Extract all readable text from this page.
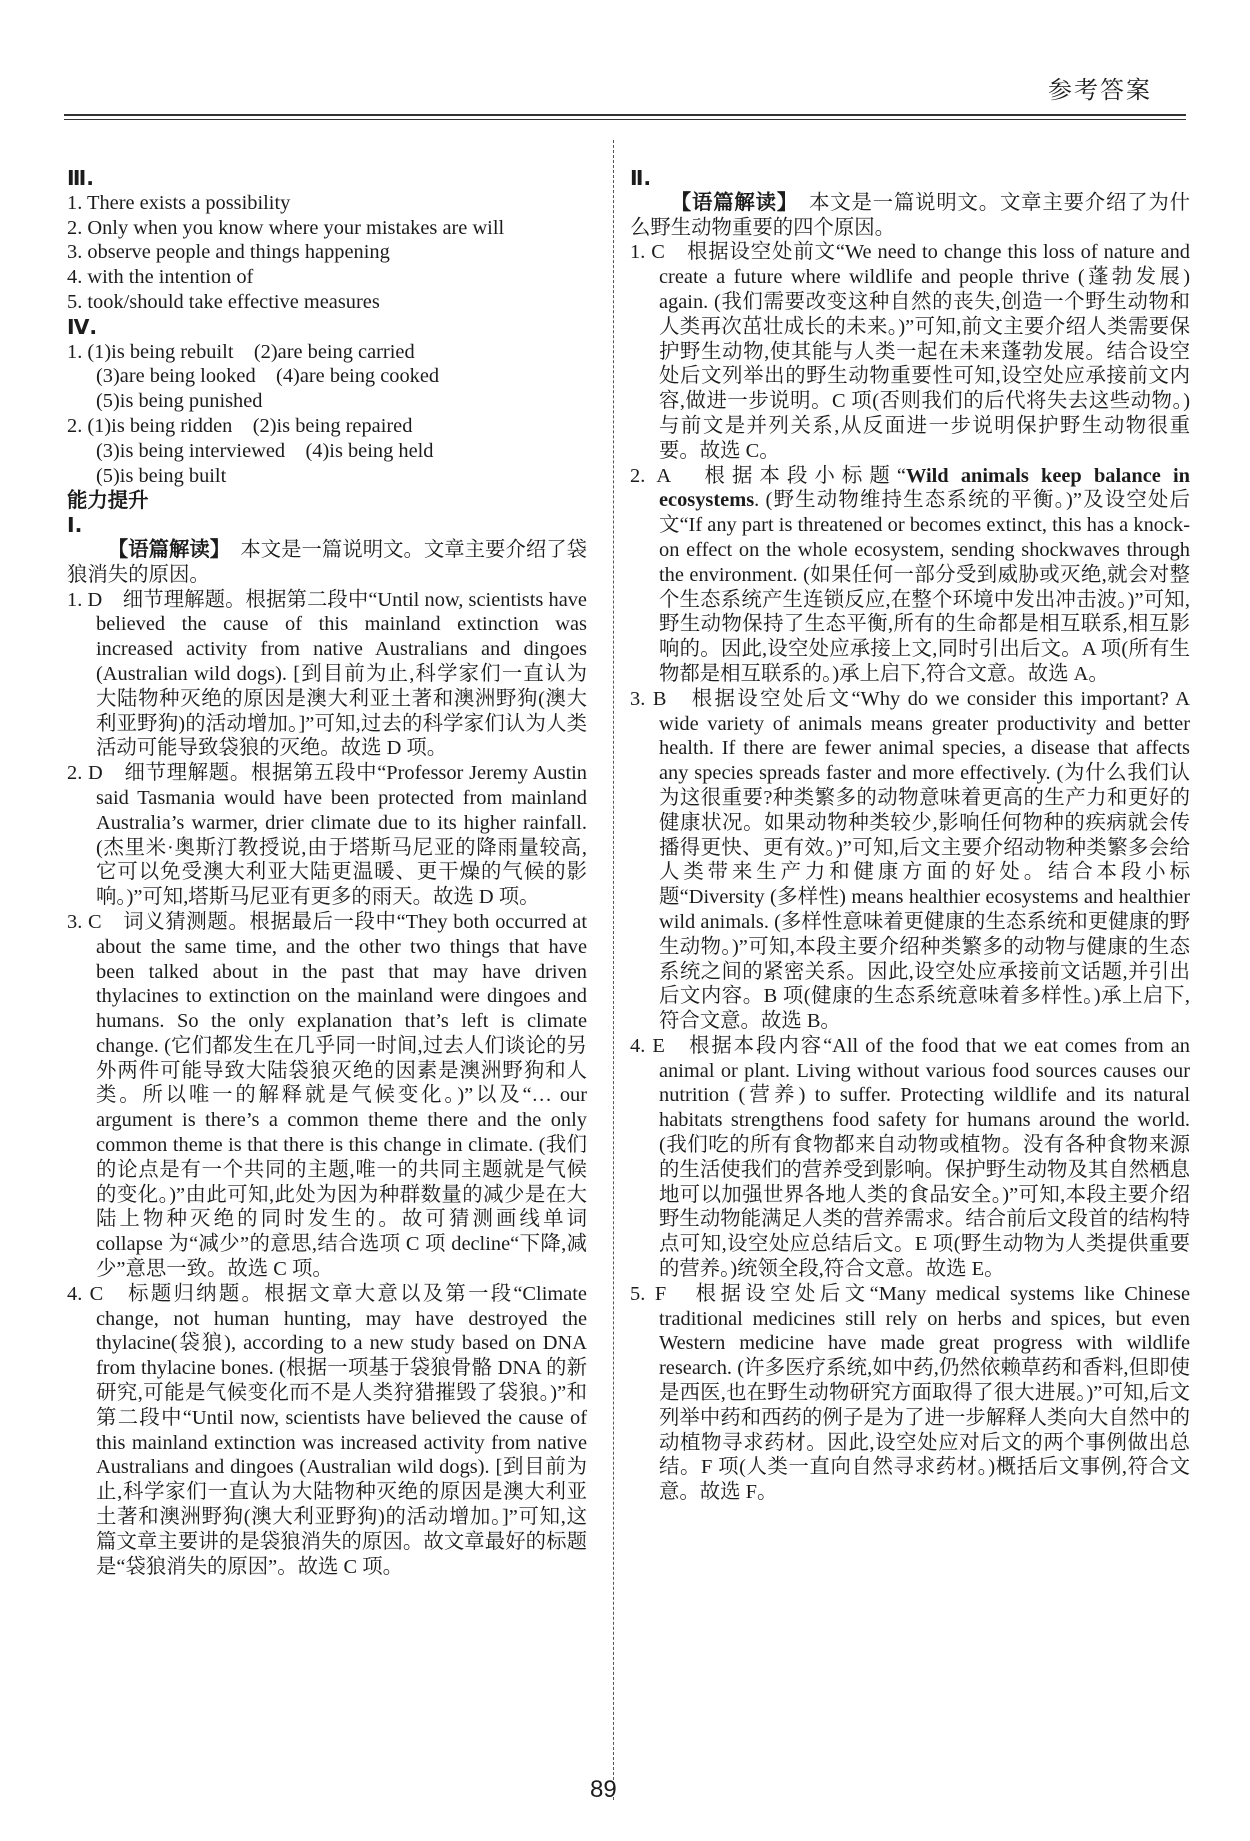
参考答案

Ⅲ.

1. There exists a possibility

2. Only when you know where your mistakes are will

3. observe people and things happening

4. with the intention of

5. took/should take effective measures

Ⅳ.

1. (1)is being rebuilt　(2)are being carried

(3)are being looked　(4)are being cooked

(5)is being punished

2. (1)is being ridden　(2)is being repaired

(3)is being interviewed　(4)is being held

(5)is being built

能力提升

Ⅰ.

【语篇解读】　 本文是一篇说明文。文章主要介绍了袋狼消失的原因。

1. D　细节理解题。根据第二段中“Until now, scientists have believed the cause of this mainland extinction was increased activity from native Australians and dingoes (Australian wild dogs). [到目前为止,科学家们一直认为大陆物种灭绝的原因是澳大利亚土著和澳洲野狗(澳大利亚野狗)的活动增加。]”可知,过去的科学家们认为人类活动可能导致袋狼的灭绝。故选 D 项。

2. D　细节理解题。根据第五段中“Professor Jeremy Austin said Tasmania would have been protected from mainland Australia’s warmer, drier climate due to its higher rainfall. (杰里米·奥斯汀教授说,由于塔斯马尼亚的降雨量较高,它可以免受澳大利亚大陆更温暖、更干燥的气候的影响。)”可知,塔斯马尼亚有更多的雨天。故选 D 项。

3. C　词义猜测题。根据最后一段中“They both occurred at about the same time, and the other two things that have been talked about in the past that may have driven thylacines to extinction on the mainland were dingoes and humans. So the only explanation that’s left is climate change. (它们都发生在几乎同一时间,过去人们谈论的另外两件可能导致大陆袋狼灭绝的因素是澳洲野狗和人类。所以唯一的解释就是气候变化。)”以及“… our argument is there’s a common theme there and the only common theme is that there is this change in climate. (我们的论点是有一个共同的主题,唯一的共同主题就是气候的变化。)”由此可知,此处为因为种群数量的减少是在大陆上物种灭绝的同时发生的。故可猜测画线单词 collapse 为“减少”的意思,结合选项 C 项 decline“下降,减少”意思一致。故选 C 项。

4. C　标题归纳题。根据文章大意以及第一段“Climate change, not human hunting, may have destroyed the thylacine(袋狼), according to a new study based on DNA from thylacine bones. (根据一项基于袋狼骨骼 DNA 的新研究,可能是气候变化而不是人类狩猎摧毁了袋狼。)”和第二段中“Until now, scientists have believed the cause of this mainland extinction was increased activity from native Australians and dingoes (Australian wild dogs). [到目前为止,科学家们一直认为大陆物种灭绝的原因是澳大利亚土著和澳洲野狗(澳大利亚野狗)的活动增加。]”可知,这篇文章主要讲的是袋狼消失的原因。故文章最好的标题是“袋狼消失的原因”。故选 C 项。

Ⅱ.

【语篇解读】　 本文是一篇说明文。文章主要介绍了为什么野生动物重要的四个原因。

1. C　根据设空处前文“We need to change this loss of nature and create a future where wildlife and people thrive (蓬勃发展) again. (我们需要改变这种自然的丧失,创造一个野生动物和人类再次茁壮成长的未来。)”可知,前文主要介绍人类需要保护野生动物,使其能与人类一起在未来蓬勃发展。结合设空处后文列举出的野生动物重要性可知,设空处应承接前文内容,做进一步说明。C 项(否则我们的后代将失去这些动物。)与前文是并列关系,从反面进一步说明保护野生动物很重要。故选 C。

2. A　根据本段小标题“Wild animals keep balance in ecosystems. (野生动物维持生态系统的平衡。)”及设空处后文“If any part is threatened or becomes extinct, this has a knock-on effect on the whole ecosystem, sending shockwaves through the environment. (如果任何一部分受到威胁或灭绝,就会对整个生态系统产生连锁反应,在整个环境中发出冲击波。)”可知,野生动物保持了生态平衡,所有的生命都是相互联系,相互影响的。因此,设空处应承接上文,同时引出后文。A 项(所有生物都是相互联系的。)承上启下,符合文意。故选 A。

3. B　根据设空处后文“Why do we consider this important? A wide variety of animals means greater productivity and better health. If there are fewer animal species, a disease that affects any species spreads faster and more effectively. (为什么我们认为这很重要?种类繁多的动物意味着更高的生产力和更好的健康状况。如果动物种类较少,影响任何物种的疾病就会传播得更快、更有效。)”可知,后文主要介绍动物种类繁多会给人类带来生产力和健康方面的好处。结合本段小标题“Diversity (多样性) means healthier ecosystems and healthier wild animals. (多样性意味着更健康的生态系统和更健康的野生动物。)”可知,本段主要介绍种类繁多的动物与健康的生态系统之间的紧密关系。因此,设空处应承接前文话题,并引出后文内容。B 项(健康的生态系统意味着多样性。)承上启下,符合文意。故选 B。

4. E　根据本段内容“All of the food that we eat comes from an animal or plant. Living without various food sources causes our nutrition (营养) to suffer. Protecting wildlife and its natural habitats strengthens food safety for humans around the world. (我们吃的所有食物都来自动物或植物。没有各种食物来源的生活使我们的营养受到影响。保护野生动物及其自然栖息地可以加强世界各地人类的食品安全。)”可知,本段主要介绍野生动物能满足人类的营养需求。结合前后文段首的结构特点可知,设空处应总结后文。E 项(野生动物为人类提供重要的营养。)统领全段,符合文意。故选 E。

5. F　根据设空处后文“Many medical systems like Chinese traditional medicines still rely on herbs and spices, but even Western medicine have made great progress with wildlife research. (许多医疗系统,如中药,仍然依赖草药和香料,但即使是西医,也在野生动物研究方面取得了很大进展。)”可知,后文列举中药和西药的例子是为了进一步解释人类向大自然中的动植物寻求药材。因此,设空处应对后文的两个事例做出总结。F 项(人类一直向自然寻求药材。)概括后文事例,符合文意。故选 F。

89
